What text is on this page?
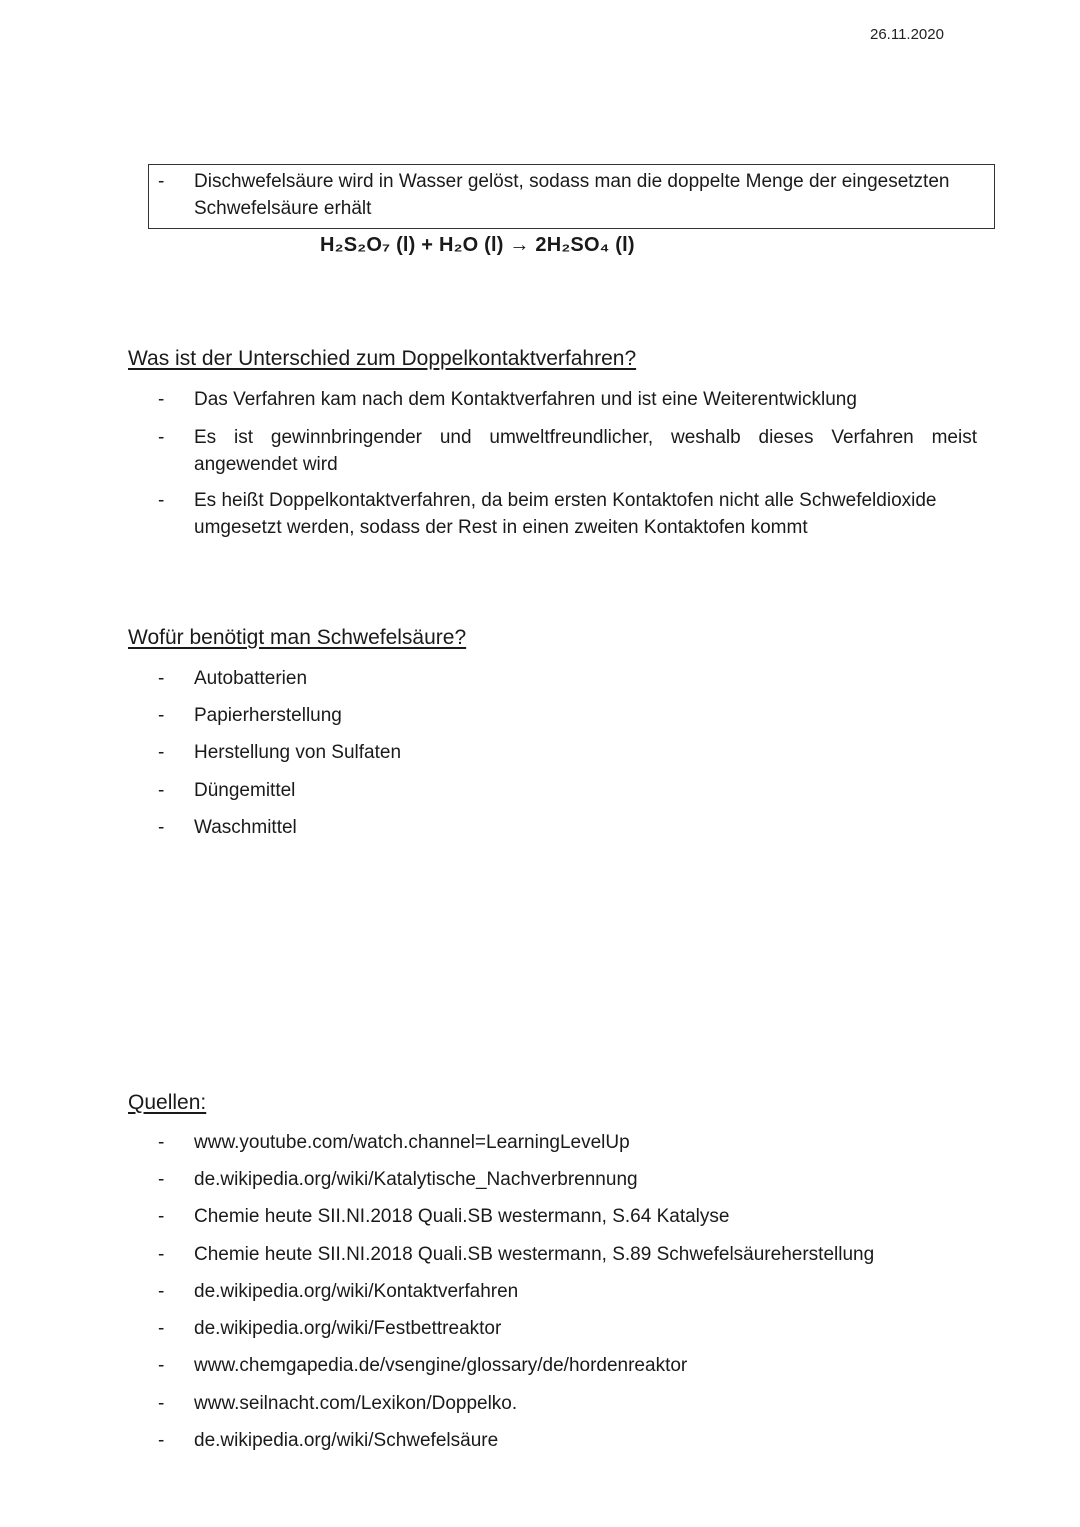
26.11.2020
- Dischwefelsäure wird in Wasser gelöst, sodass man die doppelte Menge der eingesetzten Schwefelsäure erhält
H₂S₂O₇ (l) + H₂O (l) → 2H₂SO₄ (l)
Was ist der Unterschied zum Doppelkontaktverfahren?
- Das Verfahren kam nach dem Kontaktverfahren und ist eine Weiterentwicklung
- Es ist gewinnbringender und umweltfreundlicher, weshalb dieses Verfahren meist angewendet wird
- Es heißt Doppelkontaktverfahren, da beim ersten Kontaktofen nicht alle Schwefeldioxide umgesetzt werden, sodass der Rest in einen zweiten Kontaktofen kommt
Wofür benötigt man Schwefelsäure?
- Autobatterien
- Papierherstellung
- Herstellung von Sulfaten
- Düngemittel
- Waschmittel
Quellen:
- www.youtube.com/watch.channel=LearningLevelUp
- de.wikipedia.org/wiki/Katalytische_Nachverbrennung
- Chemie heute SII.NI.2018 Quali.SB westermann, S.64 Katalyse
- Chemie heute SII.NI.2018 Quali.SB westermann, S.89 Schwefelsäureherstellung
- de.wikipedia.org/wiki/Kontaktverfahren
- de.wikipedia.org/wiki/Festbettreaktor
- www.chemgapedia.de/vsengine/glossary/de/hordenreaktor
- www.seilnacht.com/Lexikon/Doppelko.
- de.wikipedia.org/wiki/Schwefelsäure
